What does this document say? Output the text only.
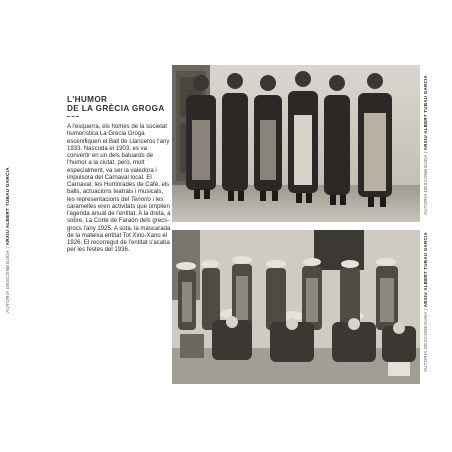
AUTORIA DESCONEGUDA | ARXIU ALBERT TUBAU GARCIA
L'HUMOR
DE LA GRÈCIA GROGA

A l'esquerra, els homes de la societat humorística La Grècia Groga escenifiquen el Ball de Llanceros l'any 1933. Nascuda el 1903, es va convertir en un dels baluards de l'humor a la ciutat, però, molt especialment, va ser la valedora i impulsora del Carnaval local. El Carnaval, les Humorades de Cafè, els balls, actuacions teatrals i musicals, les representacions del Tenorio i les caramelles eren activitats que omplien l'agenda anual de l'entitat. A la dreta, a sobre, La Corte de Faraón dels grecs-grocs l'any 1925. A sota, la mascarada de la mateixa entitat Tot Xino-Xano el 1926. El recorregut de l'entitat s'acaba per les festes del 1936.

AUTORIA DESCONEGUDA | ARXIU ALBERT TUBAU GARCIA
AUTORIA DESCONEGUDA | ARXIU ALBERT TUBAU GARCIA
